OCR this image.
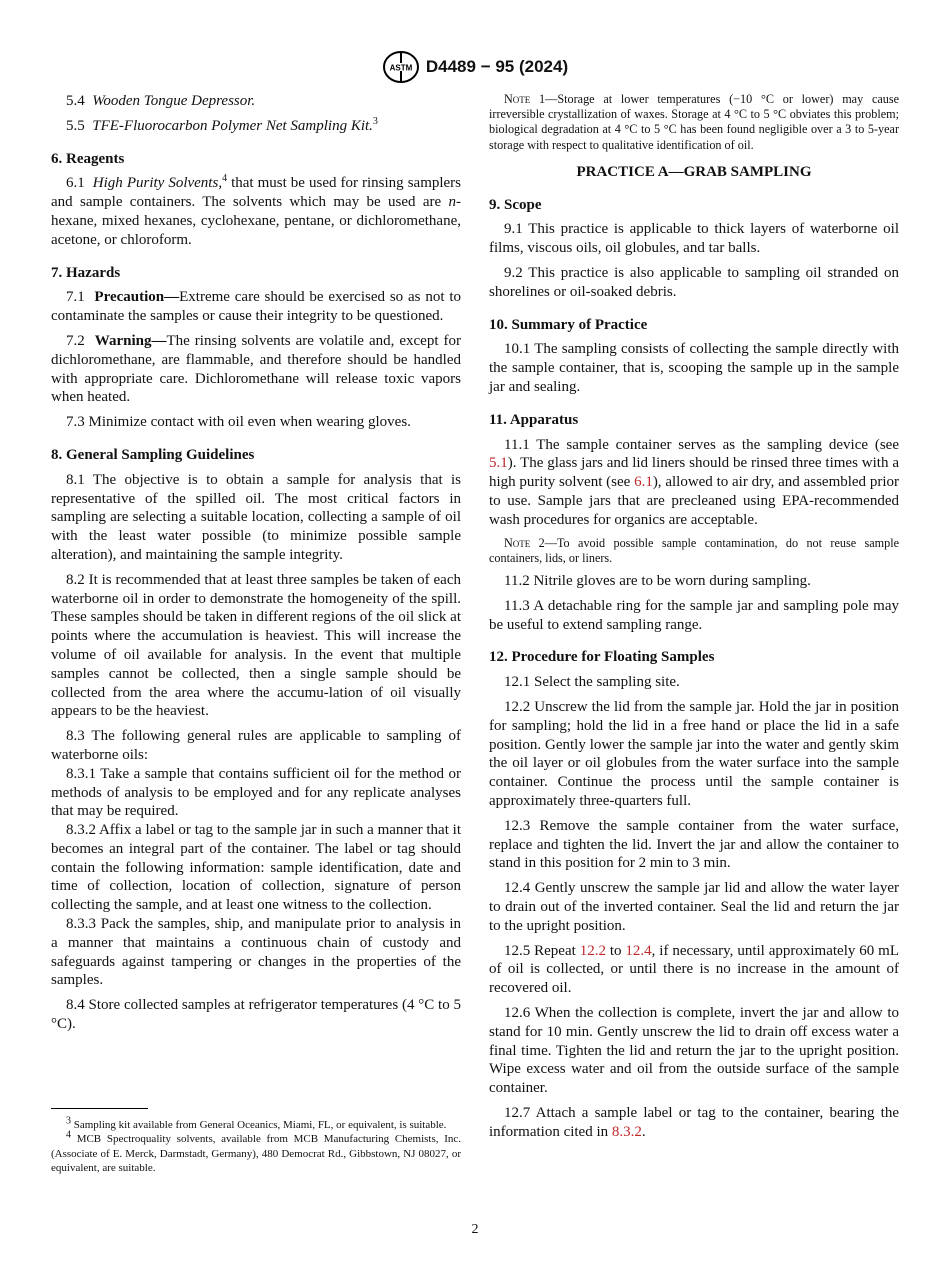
ASTM D4489 − 95 (2024)

5.4 Wooden Tongue Depressor.

5.5 TFE-Fluorocarbon Polymer Net Sampling Kit.$^3$

6. Reagents

6.1 High Purity Solvents,$^4$ that must be used for rinsing samplers and sample containers. The solvents which may be used are n-hexane, mixed hexanes, cyclohexane, pentane, or dichloromethane, acetone, or chloroform.

7. Hazards

7.1 Precaution—Extreme care should be exercised so as not to contaminate the samples or cause their integrity to be questioned.

7.2 Warning—The rinsing solvents are volatile and, except for dichloromethane, are flammable, and therefore should be handled with appropriate care. Dichloromethane will release toxic vapors when heated.

7.3 Minimize contact with oil even when wearing gloves.

8. General Sampling Guidelines

8.1 The objective is to obtain a sample for analysis that is representative of the spilled oil. The most critical factors in sampling are selecting a suitable location, collecting a sample of oil with the least water possible (to minimize possible sample alteration), and maintaining the sample integrity.

8.2 It is recommended that at least three samples be taken of each waterborne oil in order to demonstrate the homogeneity of the spill. These samples should be taken in different regions of the oil slick at points where the accumulation is heaviest. This will increase the volume of oil available for analysis. In the event that multiple samples cannot be collected, then a single sample should be collected from the area where the accumu-lation of oil visually appears to be the heaviest.

8.3 The following general rules are applicable to sampling of waterborne oils:

8.3.1 Take a sample that contains sufficient oil for the method or methods of analysis to be employed and for any replicate analyses that may be required.

8.3.2 Affix a label or tag to the sample jar in such a manner that it becomes an integral part of the container. The label or tag should contain the following information: sample identification, date and time of collection, location of collection, signature of person collecting the sample, and at least one witness to the collection.

8.3.3 Pack the samples, ship, and manipulate prior to analysis in a manner that maintains a continuous chain of custody and safeguards against tampering or changes in the properties of the samples.

8.4 Store collected samples at refrigerator temperatures (4 °C to 5 °C).

$^3$ Sampling kit available from General Oceanics, Miami, FL, or equivalent, is suitable.
$^4$ MCB Spectroquality solvents, available from MCB Manufacturing Chemists, Inc. (Associate of E. Merck, Darmstadt, Germany), 480 Democrat Rd., Gibbstown, NJ 08027, or equivalent, are suitable.

Note 1—Storage at lower temperatures (−10 °C or lower) may cause irreversible crystallization of waxes. Storage at 4 °C to 5 °C obviates this problem; biological degradation at 4 °C to 5 °C has been found negligible over a 3 to 5-year storage with respect to qualitative identification of oil.

PRACTICE A—GRAB SAMPLING
9. Scope

9.1 This practice is applicable to thick layers of waterborne oil films, viscous oils, oil globules, and tar balls.

9.2 This practice is also applicable to sampling oil stranded on shorelines or oil-soaked debris.

10. Summary of Practice

10.1 The sampling consists of collecting the sample directly with the sample container, that is, scooping the sample up in the sample jar and sealing.

11. Apparatus

11.1 The sample container serves as the sampling device (see 5.1). The glass jars and lid liners should be rinsed three times with a high purity solvent (see 6.1), allowed to air dry, and assembled prior to use. Sample jars that are precleaned using EPA-recommended wash procedures for organics are acceptable.

Note 2—To avoid possible sample contamination, do not reuse sample containers, lids, or liners.

11.2 Nitrile gloves are to be worn during sampling.

11.3 A detachable ring for the sample jar and sampling pole may be useful to extend sampling range.

12. Procedure for Floating Samples

12.1 Select the sampling site.

12.2 Unscrew the lid from the sample jar. Hold the jar in position for sampling; hold the lid in a free hand or place the lid in a safe position. Gently lower the sample jar into the water and gently skim the oil layer or oil globules from the water surface into the sample container. Continue the process until the sample container is approximately three-quarters full.

12.3 Remove the sample container from the water surface, replace and tighten the lid. Invert the jar and allow the container to stand in this position for 2 min to 3 min.

12.4 Gently unscrew the sample jar lid and allow the water layer to drain out of the inverted container. Seal the lid and return the jar to the upright position.

12.5 Repeat 12.2 to 12.4, if necessary, until approximately 60 mL of oil is collected, or until there is no increase in the amount of recovered oil.

12.6 When the collection is complete, invert the jar and allow to stand for 10 min. Gently unscrew the lid to drain off excess water a final time. Tighten the lid and return the jar to the upright position. Wipe excess water and oil from the outside surface of the sample container.

12.7 Attach a sample label or tag to the container, bearing the information cited in 8.3.2.

2
